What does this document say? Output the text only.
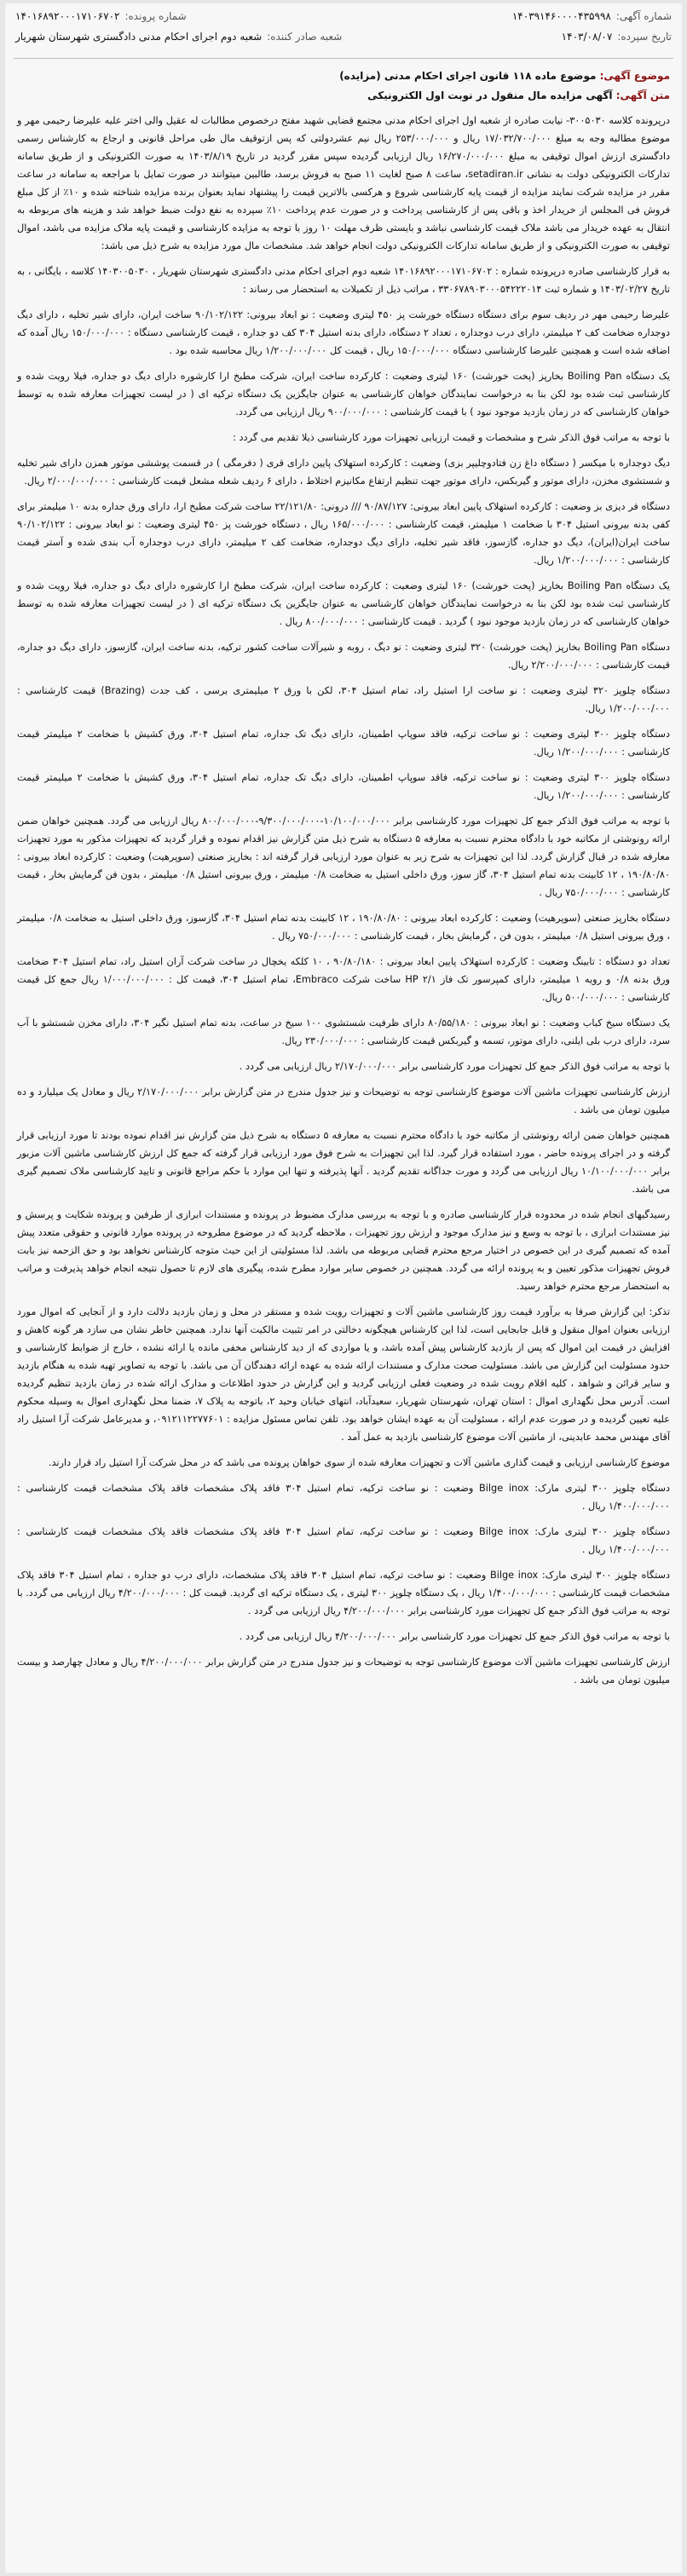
شماره آگهی:
۱۴۰۳۹۱۴۶۰۰۰۰۴۳۵۹۹۸
شماره پرونده:
۱۴۰۱۶۸۹۲۰۰۰۱۷۱۰۶۷۰۲
تاریخ سپرده:
۱۴۰۳/۰۸/۰۷
شعبه صادر کننده:
شعبه دوم اجرای احکام مدنی دادگستری شهرستان شهریار
موضوع آگهی: موضوع ماده ۱۱۸ قانون اجرای احکام مدنی (مزایده)
متن آگهی: آگهی مزایده مال منقول در نوبت اول الکترونیکی

درپرونده کلاسه ۳۰۰۵۰۳۰- نیابت صادره از شعبه اول اجرای احکام مدنی مجتمع قضایی شهید مفتح درخصوص مطالبات له عقیل والی اختر علیه علیرضا رحیمی مهر و موضوع مطالبه وجه به مبلغ ۱۷/۰۳۲/۷۰۰/۰۰۰ ریال و ۲۵۳/۰۰۰/۰۰۰ ریال نیم عشردولتی که پس ازتوقیف مال طی مراحل قانونی و ارجاع به کارشناس رسمی دادگستری ارزش اموال توقیفی به مبلغ ۱۶/۲۷۰/۰۰۰/۰۰۰ ریال ارزیابی گردیده سپس مقرر گردید در تاریخ ۱۴۰۳/۸/۱۹ به صورت الکترونیکی و از طریق سامانه تدارکات الکترونیکی دولت به نشانی setadiran.ir، ساعت ۸ صبح لغایت ۱۱ صبح به فروش برسد، طالبین میتوانند در صورت تمایل با مراجعه به سامانه در ساعت مقرر در مزایده شرکت نمایند مزایده از قیمت پایه کارشناسی شروع و هرکسی بالاترین قیمت را پیشنهاد نماید بعنوان برنده مزایده شناخته شده و ۱۰٪ از کل مبلغ فروش فی المجلس از خریدار اخذ و باقی پس از کارشناسی پرداخت و در صورت عدم پرداخت ۱۰٪ سپرده به نفع دولت ضبط خواهد شد و هزینه های مربوطه به انتقال به عهده خریدار می باشد ملاک قیمت کارشناسی نباشد و بایستی ظرف مهلت ۱۰ روز با توجه به مزایده کارشناسی و قیمت پایه ملاک مزایده می باشد، اموال توقیفی به صورت الکترونیکی و از طریق سامانه تدارکات الکترونیکی دولت انجام خواهد شد. مشخصات مال مورد مزایده به شرح ذیل می باشد:

به قرار کارشناسی صادره درپرونده شماره : ۱۴۰۱۶۸۹۲۰۰۰۱۷۱۰۶۷۰۲ شعبه دوم اجرای احکام مدنی دادگستری شهرستان شهریار ، ۱۴۰۳۰۰۵۰۳۰ کلاسه ، بایگانی ، به تاریخ ۱۴۰۳/۰۲/۲۷ و شماره ثبت ۳۳۰۶۷۸۹۰۳۰۰۰۵۴۲۲۲۰۱۴ ، مراتب ذیل از تکمیلات به استحضار می رساند :

علیرضا رحیمی مهر در ردیف سوم برای دستگاه دستگاه خورشت پز ۴۵۰ لیتری وضعیت : نو ابعاد بیرونی: ۹۰/۱۰۲/۱۲۲ ساخت ایران، دارای شیر تخلیه ، دارای دیگ دوجداره ضخامت کف ۲ میلیمتر، دارای درب دوجداره ، تعداد ۲ دستگاه، دارای بدنه استیل ۳۰۴ کف دو جداره ، قیمت کارشناسی دستگاه : ۱۵۰/۰۰۰/۰۰۰ ریال آمده که اضافه شده است و همچنین علیرضا کارشناسی دستگاه ۱۵۰/۰۰۰/۰۰۰ ریال ، قیمت کل ۱/۲۰۰/۰۰۰/۰۰۰ ریال محاسبه شده بود .

یک دستگاه Boiling Pan بخارپز (پخت خورشت) ۱۶۰ لیتری وضعیت : کارکرده ساخت ایران، شرکت مطبخ ارا کارشوره دارای دیگ دو جداره، فیلا رویت شده و کارشناسی ثبت شده بود لکن بنا به درخواست نمایندگان خواهان کارشناسی به عنوان جایگزین یک دستگاه ترکیه ای ( در لیست تجهیزات معارفه شده به توسط خواهان کارشناسی که در زمان بازدید موجود نبود ) با قیمت کارشناسی : ۹۰۰/۰۰۰/۰۰۰ ریال ارزیابی می گردد.

با توجه به مراتب فوق الذکر شرح و مشخصات و قیمت ارزیابی تجهیزات مورد کارشناسی ذیلا تقدیم می گردد :

دیگ دوجداره با میکسر ( دستگاه داغ زن فتادوچلیپر بزی) وضعیت : کارکرده استهلاک پایین دارای قری ( دفرمگی ) در قسمت پوششی موتور همزن دارای شیر تخلیه و شستشوی مخزن، دارای موتور و گیربکس، دارای موتور جهت تنظیم ارتفاع مکانیزم اختلاط ، دارای ۶ ردیف شعله مشعل قیمت کارشناسی : ۲/۰۰۰/۰۰۰/۰۰۰ ریال.

دستگاه فر دیزی بز وضعیت : کارکرده استهلاک پایین ابعاد بیرونی: ۹۰/۸۷/۱۲۷ /// درونی: ۲۲/۱۲۱/۸۰ ساخت شرکت مطبخ ارا، دارای ورق جداره بدنه ۱۰ میلیمتر برای کفی بدنه بیرونی استیل ۳۰۴ با ضخامت ۱ میلیمتر، قیمت کارشناسی : ۱۶۵/۰۰۰/۰۰۰ ریال ، دستگاه خورشت پز ۴۵۰ لیتری وضعیت : نو ابعاد بیرونی : ۹۰/۱۰۲/۱۲۲ ساخت ایران(ایران)، دیگ دو جداره، گازسوز، فاقد شیر تخلیه، دارای دیگ دوجداره، ضخامت کف ۲ میلیمتر، دارای درب دوجداره آب بندی شده و آستر قیمت کارشناسی : ۱/۲۰۰/۰۰۰/۰۰۰ ریال.

یک دستگاه Boiling Pan بخارپز (پخت خورشت) ۱۶۰ لیتری وضعیت : کارکرده ساخت ایران، شرکت مطبخ ارا کارشوره دارای دیگ دو جداره، فیلا رویت شده و کارشناسی ثبت شده بود لکن بنا به درخواست نمایندگان خواهان کارشناسی به عنوان جایگزین یک دستگاه ترکیه ای ( در لیست تجهیزات معارفه شده به توسط خواهان کارشناسی که در زمان بازدید موجود نبود ) گردید . قیمت کارشناسی : ۸۰۰/۰۰۰/۰۰۰ ریال .

دستگاه Boiling Pan بخارپز (پخت خورشت) ۳۲۰ لیتری وضعیت : نو دیگ ، روبه و شیرآلات ساخت کشور ترکیه، بدنه ساخت ایران، گازسوز، دارای دیگ دو جداره، قیمت کارشناسی : ۲/۲۰۰/۰۰۰/۰۰۰ ریال.

دستگاه چلوپز ۳۲۰ لیتری وضعیت : نو ساخت ارا استیل راد، تمام استیل ۳۰۴، لکن با ورق ۲ میلیمتری برسی ، کف جدت (Brazing) قیمت کارشناسی : ۱/۲۰۰/۰۰۰/۰۰۰ ریال.

دستگاه چلوپز ۳۰۰ لیتری وضعیت : نو ساخت ترکیه، فاقد سوپاپ اطمینان، دارای دیگ تک جداره، تمام استیل ۳۰۴، ورق کشیش با ضخامت ۲ میلیمتر قیمت کارشناسی : ۱/۲۰۰/۰۰۰/۰۰۰ ریال.

دستگاه چلوپز ۳۰۰ لیتری وضعیت : نو ساخت ترکیه، فاقد سوپاپ اطمینان، دارای دیگ تک جداره، تمام استیل ۳۰۴، ورق کشیش با ضخامت ۲ میلیمتر قیمت کارشناسی : ۱/۲۰۰/۰۰۰/۰۰۰ ریال.

با توجه به مراتب فوق الذکر جمع کل تجهیزات مورد کارشناسی برابر ۱۰/۱۰۰/۰۰۰/۰۰۰-۹/۳۰۰/۰۰۰/۰۰۰-۸۰۰/۰۰۰/۰۰۰ ریال ارزیابی می گردد. همچنین خواهان ضمن ارائه رونوشتی از مکاتبه خود با دادگاه محترم نسبت به معارفه ۵ دستگاه به شرح ذیل متن گزارش نیز اقدام نموده و قرار گردید که تجهیزات مذکور به مورد تجهیزات معارفه شده در قبال گزارش گردد. لذا این تجهیزات به شرح زیر به عنوان مورد ارزیابی قرار گرفته اند : بخارپز صنعتی (سوپرهیت) وضعیت : کارکرده ابعاد بیرونی : ۱۹۰/۸۰/۸۰ ، ۱۲ کابینت بدنه تمام استیل ۳۰۴، گاز سوز، ورق داخلی استیل به ضخامت ۰/۸ میلیمتر ، ورق بیرونی استیل ۰/۸ میلیمتر ، بدون فن گرمایش بخار ، قیمت کارشناسی : ۷۵۰/۰۰۰/۰۰۰ ریال .

دستگاه بخارپز صنعتی (سوپرهیت) وضعیت : کارکرده ابعاد بیرونی : ۱۹۰/۸۰/۸۰ ، ۱۲ کابینت بدنه تمام استیل ۳۰۴، گازسوز، ورق داخلی استیل به ضخامت ۰/۸ میلیمتر ، ورق بیرونی استیل ۰/۸ میلیمتر ، بدون فن ، گرمایش بخار ، قیمت کارشناسی : ۷۵۰/۰۰۰/۰۰۰ ریال .

تعداد دو دستگاه : تابینگ وضعیت : کارکرده استهلاک پایین ابعاد بیرونی : ۹۰/۸۰/۱۸۰ ، ۱۰ کلکه یخچال در ساخت شرکت آران استیل راد، تمام استیل ۳۰۴ ضخامت ورق بدنه ۰/۸ و رویه ۱ میلیمتر، دارای کمپرسور تک فاز HP ۲/۱ ساخت شرکت Embraco، تمام استیل ۳۰۴، قیمت کل : ۱/۰۰۰/۰۰۰/۰۰۰ ریال جمع کل قیمت کارشناسی : ۵۰۰/۰۰۰/۰۰۰ ریال.

یک دستگاه سیخ کباب وضعیت : نو ابعاد بیرونی : ۸۰/۵۵/۱۸۰ دارای ظرفیت شستشوی ۱۰۰ سیخ در ساعت، بدنه تمام استیل نگیر ۳۰۴، دارای مخزن شستشو با آب سرد، دارای درب بلی ایلنی، دارای موتور، تسمه و گیربکس قیمت کارشناسی : ۲۳۰/۰۰۰/۰۰۰ ریال.

با توجه به مراتب فوق الذکر جمع کل تجهیزات مورد کارشناسی برابر ۲/۱۷۰/۰۰۰/۰۰۰ ریال ارزیابی می گردد .

ارزش کارشناسی تجهیزات ماشین آلات موضوع کارشناسی توجه به توضیحات و نیز جدول مندرج در متن گزارش برابر ۲/۱۷۰/۰۰۰/۰۰۰ ریال و معادل یک میلیارد و ده میلیون تومان می باشد .

همچنین خواهان ضمن ارائه رونوشتی از مکاتبه خود با دادگاه محترم نسبت به معارفه ۵ دستگاه به شرح ذیل متن گزارش نیز اقدام نموده بودند تا مورد ارزیابی قرار گرفته و در اجرای پرونده حاضر ، مورد استفاده قرار گیرد. لذا این تجهیزات به شرح فوق مورد ارزیابی قرار گرفته که جمع کل ارزش کارشناسی ماشین آلات مزبور برابر ۱۰/۱۰۰/۰۰۰/۰۰۰ ریال ارزیابی می گردد و مورت جداگانه تقدیم گردید . آنها پذیرفته و تنها این موارد با حکم مراجع قانونی و تایید کارشناسی ملاک تصمیم گیری می باشد.

رسیدگیهای انجام شده در محدوده قرار کارشناسی صادره و با توجه به بررسی مدارک مضبوط در پرونده و مستندات ابرازی از طرفین و پرونده شکایت و پرسش و نیز مستندات ابرازی ، با توجه به وسع و نیز مدارک موجود و ارزش روز تجهیزات ، ملاحظه گردید که در موضوع مطروحه در پرونده موارد قانونی و حقوقی متعدد پیش آمده که تصمیم گیری در این خصوص در اختیار مرجع محترم قضایی مربوطه می باشد. لذا مسئولیتی از این حیث متوجه کارشناس نخواهد بود و حق الزحمه نیز بابت فروش تجهیزات مذکور تعیین و به پرونده ارائه می گردد. همچنین در خصوص سایر موارد مطرح شده، پیگیری های لازم تا حصول نتیجه انجام خواهد پذیرفت و مراتب به استحضار مرجع محترم خواهد رسید.

تذکر: این گزارش صرفا به برآورد قیمت روز کارشناسی ماشین آلات و تجهیزات رویت شده و مستقر در محل و زمان بازدید دلالت دارد و از آنجایی که اموال مورد ارزیابی بعنوان اموال منقول و قابل جابجایی است، لذا این کارشناس هیچگونه دخالتی در امر تثبیت مالکیت آنها ندارد. همچنین خاطر نشان می سازد هر گونه کاهش و افزایش در قیمت این اموال که پس از بازدید کارشناس پیش آمده باشد، و یا مواردی که از دید کارشناس مخفی مانده یا ارائه نشده ، خارج از ضوابط کارشناسی و حدود مسئولیت این گزارش می باشد. مسئولیت صحت مدارک و مستندات ارائه شده به عهده ارائه دهندگان آن می باشد. با توجه به تصاویر تهیه شده به هنگام بازدید و سایر قرائن و شواهد ، کلیه اقلام رویت شده در وضعیت فعلی ارزیابی گردید و این گزارش در حدود اطلاعات و مدارک ارائه شده در زمان بازدید تنظیم گردیده است. آدرس محل نگهداری اموال : استان تهران، شهرستان شهریار، سعیدآباد، انتهای خیابان وحید ۲، باتوجه به پلاک ۷، ضمنا محل نگهداری اموال به وسیله محکوم علیه تعیین گردیده و در صورت عدم ارائه ، مسئولیت آن به عهده ایشان خواهد بود. تلفن تماس مسئول مزایده : ۰۹۱۲۱۱۲۲۷۷۶۰۱، و مدیرعامل شرکت آرا استیل راد آقای مهندس محمد عابدینی، از ماشین آلات موضوع کارشناسی بازدید به عمل آمد .

موضوع کارشناسی ارزیابی و قیمت گذاری ماشین آلات و تجهیزات معارفه شده از سوی خواهان پرونده می باشد که در محل شرکت آرا استیل راد قرار دارند.

دستگاه چلوپز ۳۰۰ لیتری مارک: Bilge inox وضعیت : نو ساخت ترکیه، تمام استیل ۳۰۴ فاقد پلاک مشخصات فاقد پلاک مشخصات قیمت کارشناسی : ۱/۴۰۰/۰۰۰/۰۰۰ ریال .

دستگاه چلوپز ۳۰۰ لیتری مارک: Bilge inox وضعیت : نو ساخت ترکیه، تمام استیل ۳۰۴ فاقد پلاک مشخصات فاقد پلاک مشخصات قیمت کارشناسی : ۱/۴۰۰/۰۰۰/۰۰۰ ریال .

دستگاه چلوپز ۳۰۰ لیتری مارک: Bilge inox وضعیت : نو ساخت ترکیه، تمام استیل ۳۰۴ فاقد پلاک مشخصات، دارای درب دو جداره ، تمام استیل ۳۰۴ فاقد پلاک مشخصات قیمت کارشناسی : ۱/۴۰۰/۰۰۰/۰۰۰ ریال ، یک دستگاه چلوپز ۳۰۰ لیتری ، یک دستگاه ترکیه ای گردید. قیمت کل : ۴/۲۰۰/۰۰۰/۰۰۰ ریال ارزیابی می گردد. با توجه به مراتب فوق الذکر جمع کل تجهیزات مورد کارشناسی برابر ۴/۲۰۰/۰۰۰/۰۰۰ ریال ارزیابی می گردد .

با توجه به مراتب فوق الذکر جمع کل تجهیزات مورد کارشناسی برابر ۴/۲۰۰/۰۰۰/۰۰۰ ریال ارزیابی می گردد .

ارزش کارشناسی تجهیزات ماشین آلات موضوع کارشناسی توجه به توضیحات و نیز جدول مندرج در متن گزارش برابر ۴/۲۰۰/۰۰۰/۰۰۰ ریال و معادل چهارصد و بیست میلیون تومان می باشد .
